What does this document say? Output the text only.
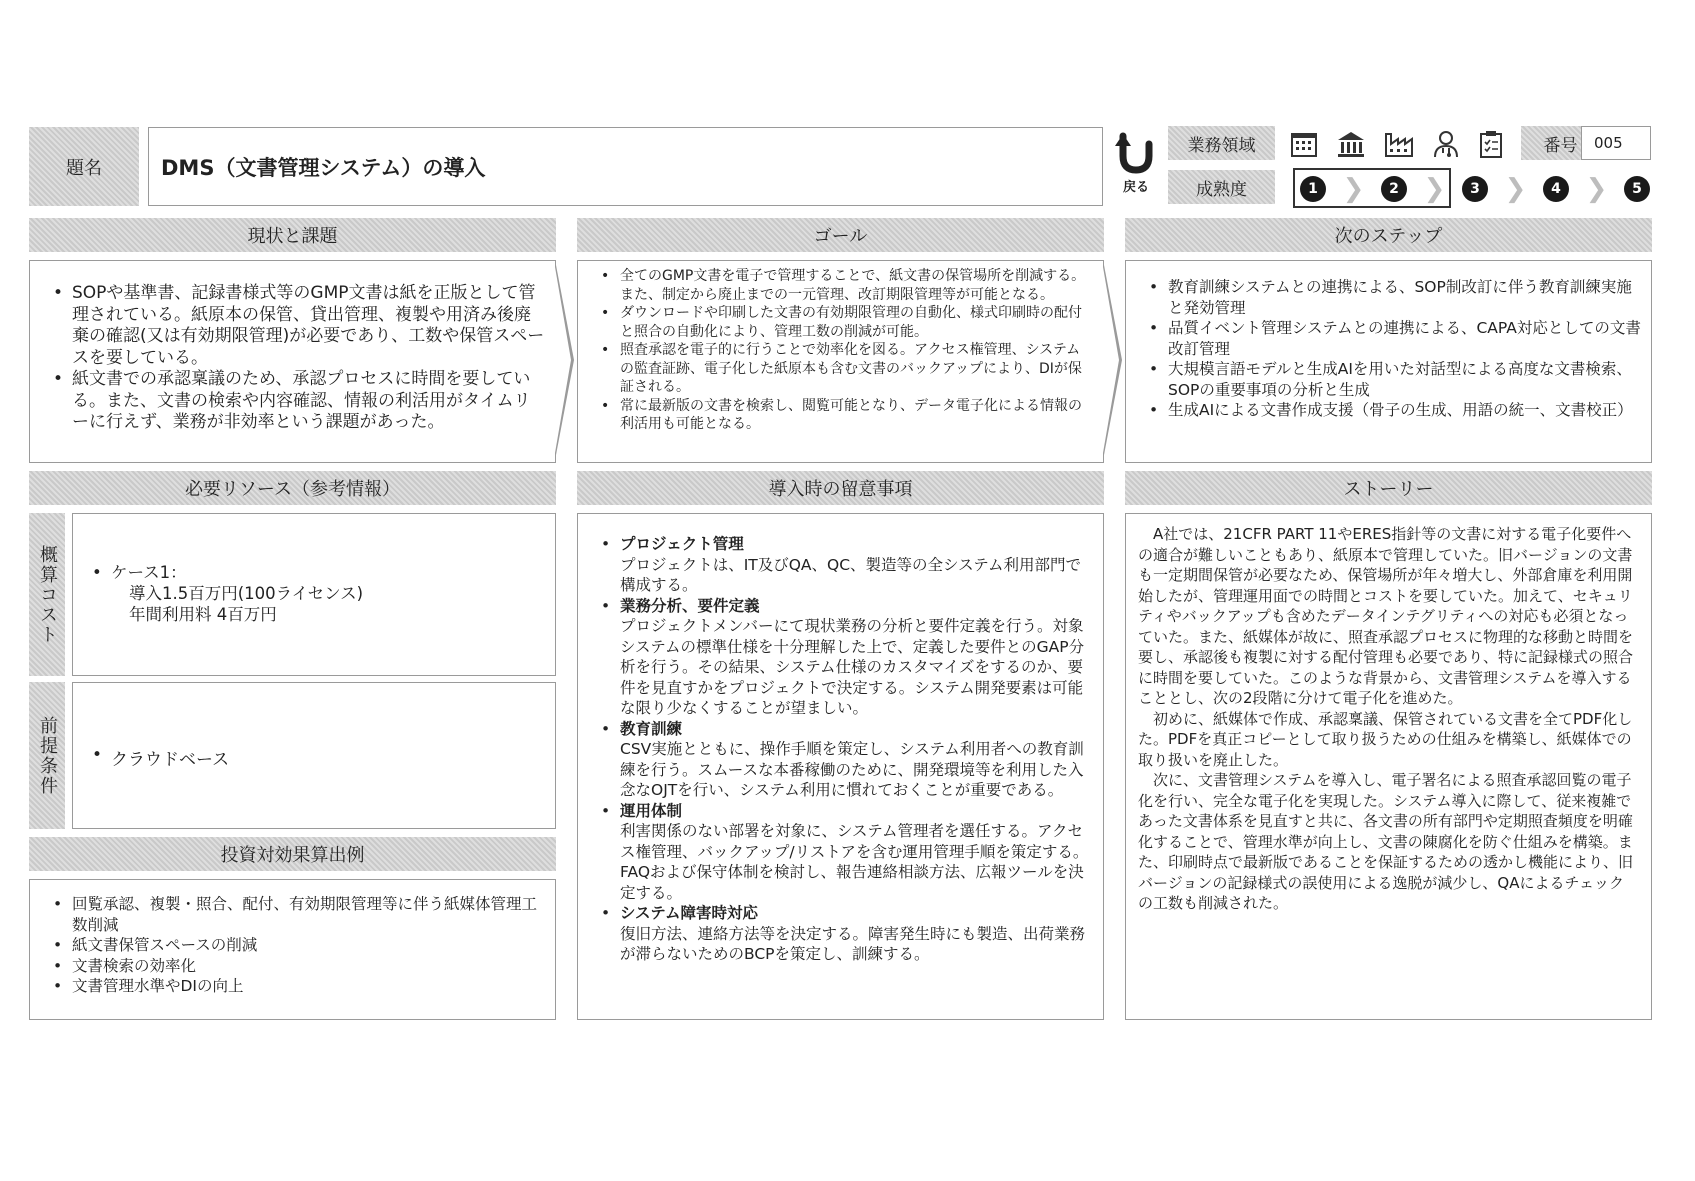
題名	DMS（文書管理システム）の導入
戻る
業務領域	番号 005
成熟度	1 ❯	2 ❯	3 ❯	4 ❯	5
現状と課題	ゴール	次のステップ
• SOPや基準書、記録書様式等のGMP文書は紙を正版として管理されている。紙原本の保管、貸出管理、複製や用済み後廃棄の確認(又は有効期限管理)が必要であり、工数や保管スペースを要している。
• 紙文書での承認稟議のため、承認プロセスに時間を要している。また、文書の検索や内容確認、情報の利活用がタイムリーに行えず、業務が非効率という課題があった。
• 全てのGMP文書を電子で管理することで、紙文書の保管場所を削減する。また、制定から廃止までの一元管理、改訂期限管理等が可能となる。
• ダウンロードや印刷した文書の有効期限管理の自動化、様式印刷時の配付と照合の自動化により、管理工数の削減が可能。
• 照査承認を電子的に行うことで効率化を図る。アクセス権管理、システムの監査証跡、電子化した紙原本も含む文書のバックアップにより、DIが保証される。
• 常に最新版の文書を検索し、閲覧可能となり、データ電子化による情報の利活用も可能となる。
• 教育訓練システムとの連携による、SOP制改訂に伴う教育訓練実施と発効管理
• 品質イベント管理システムとの連携による、CAPA対応としての文書改訂管理
• 大規模言語モデルと生成AIを用いた対話型による高度な文書検索、SOPの重要事項の分析と生成
• 生成AIによる文書作成支援（骨子の生成、用語の統一、文書校正）
必要リソース（参考情報）	導入時の留意事項	ストーリー
概算コスト	• ケース1：
導入1.5百万円(100ライセンス)
年間利用料 4百万円
前提条件	• クラウドベース
投資対効果算出例
• 回覧承認、複製・照合、配付、有効期限管理等に伴う紙媒体管理工数削減
• 紙文書保管スペースの削減
• 文書検索の効率化
• 文書管理水準やDIの向上
• プロジェクト管理
プロジェクトは、IT及びQA、QC、製造等の全システム利用部門で構成する。
• 業務分析、要件定義
プロジェクトメンバーにて現状業務の分析と要件定義を行う。対象システムの標準仕様を十分理解した上で、定義した要件とのGAP分析を行う。その結果、システム仕様のカスタマイズをするのか、要件を見直すかをプロジェクトで決定する。システム開発要素は可能な限り少なくすることが望ましい。
• 教育訓練
CSV実施とともに、操作手順を策定し、システム利用者への教育訓練を行う。スムースな本番稼働のために、開発環境等を利用した入念なOJTを行い、システム利用に慣れておくことが重要である。
• 運用体制
利害関係のない部署を対象に、システム管理者を選任する。アクセス権管理、バックアップ/リストアを含む運用管理手順を策定する。FAQおよび保守体制を検討し、報告連絡相談方法、広報ツールを決定する。
• システム障害時対応
復旧方法、連絡方法等を決定する。障害発生時にも製造、出荷業務が滞らないためのBCPを策定し、訓練する。

A社では、21CFR PART 11やERES指針等の文書に対する電子化要件への適合が難しいこともあり、紙原本で管理していた。旧バージョンの文書も一定期間保管が必要なため、保管場所が年々増大し、外部倉庫を利用開始したが、管理運用面での時間とコストを要していた。加えて、セキュリティやバックアップも含めたデータインテグリティへの対応も必須となっていた。また、紙媒体が故に、照査承認プロセスに物理的な移動と時間を要し、承認後も複製に対する配付管理も必要であり、特に記録様式の照合に時間を要していた。このような背景から、文書管理システムを導入することとし、次の2段階に分けて電子化を進めた。

初めに、紙媒体で作成、承認稟議、保管されている文書を全てPDF化した。PDFを真正コピーとして取り扱うための仕組みを構築し、紙媒体での取り扱いを廃止した。

次に、文書管理システムを導入し、電子署名による照査承認回覧の電子化を行い、完全な電子化を実現した。システム導入に際して、従来複雑であった文書体系を見直すと共に、各文書の所有部門や定期照査頻度を明確化することで、管理水準が向上し、文書の陳腐化を防ぐ仕組みを構築。また、印刷時点で最新版であることを保証するための透かし機能により、旧バージョンの記録様式の誤使用による逸脱が減少し、QAによるチェックの工数も削減された。
